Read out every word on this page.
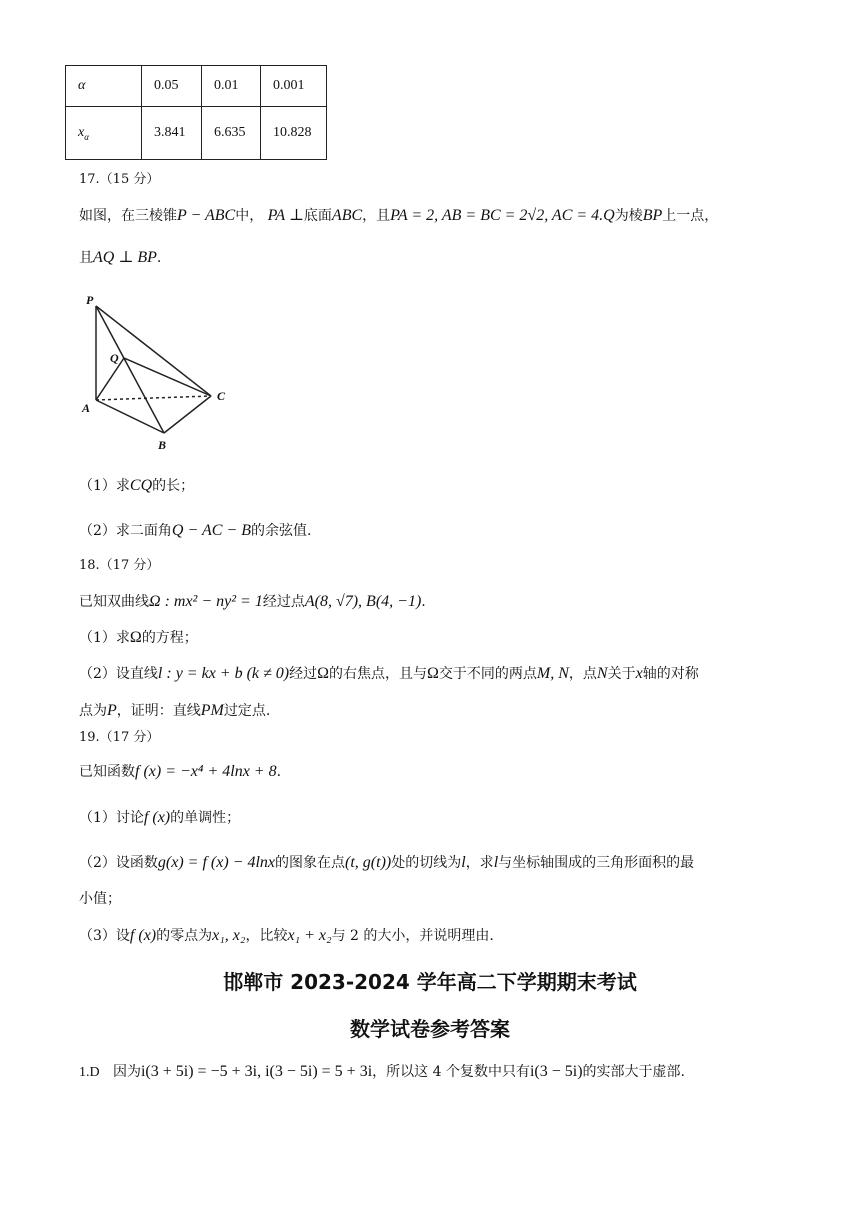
α	0.05	0.01	0.001
$x_\alpha$	3.841	6.635	10.828
17.（15 分）
如图，在三棱锥P − ABC中， PA ⊥底面ABC，且PA = 2, AB = BC = 2√2, AC = 4.Q为棱BP上一点，
且AQ ⊥ BP.
P
Q
A
B
C
（1）求CQ的长；
（2）求二面角Q − AC − B的余弦值.
18.（17 分）
已知双曲线Ω : mx² − ny² = 1经过点A(8, √7), B(4, −1).
（1）求Ω的方程；
（2）设直线l : y = kx + b (k ≠ 0)经过Ω的右焦点，且与Ω交于不同的两点M, N，点N关于x轴的对称
点为P，证明：直线PM过定点.
19.（17 分）
已知函数f (x) = −x⁴ + 4lnx + 8.
（1）讨论f (x)的单调性；
（2）设函数g(x) = f (x) − 4lnx的图象在点(t, g(t))处的切线为l，求l与坐标轴围成的三角形面积的最
小值；
（3）设f (x)的零点为x₁, x₂，比较x₁ + x₂与 2 的大小，并说明理由.
邯郸市 2023-2024 学年高二下学期期末考试
数学试卷参考答案
1.D 因为i(3 + 5i) = −5 + 3i, i(3 − 5i) = 5 + 3i，所以这 4 个复数中只有i(3 − 5i)的实部大于虚部.
